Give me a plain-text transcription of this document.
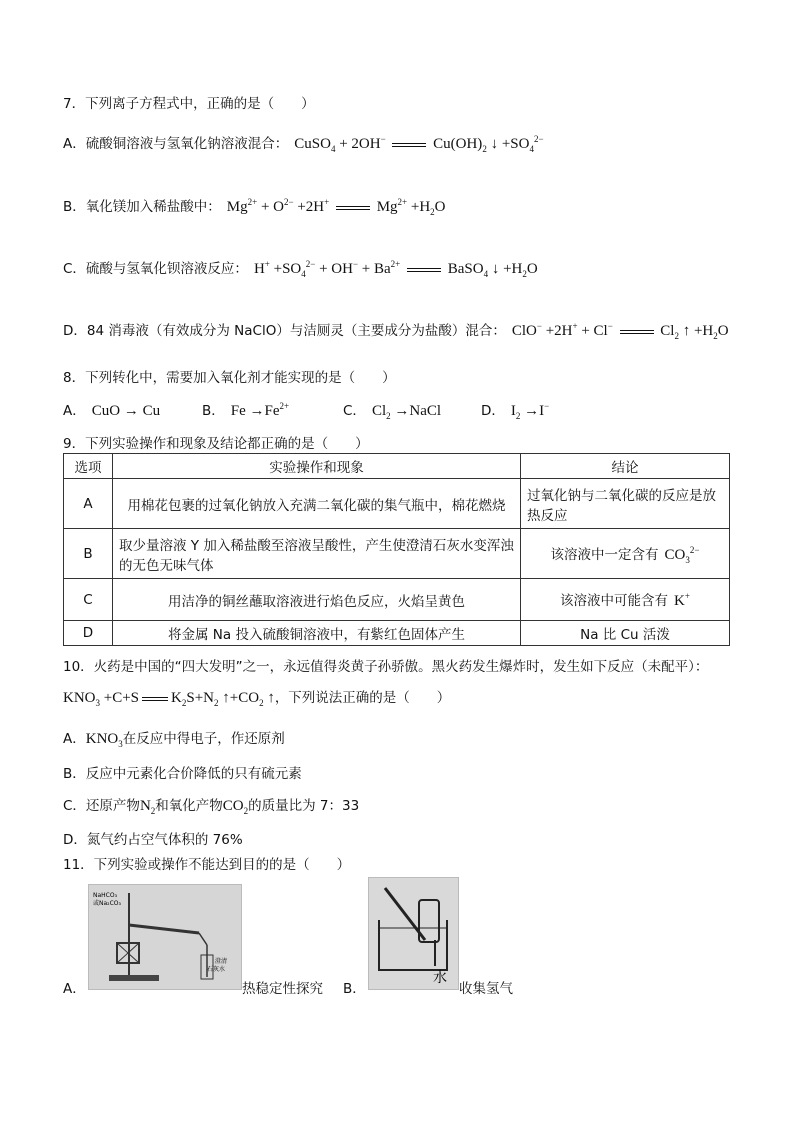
7．下列离子方程式中，正确的是（　　）
A．硫酸铜溶液与氢氧化钠溶液混合： CuSO$_4$ + 2OH−	$Cu(OH)_2$ ↓ $+SO_4^{2-}$
B．氧化镁加入稀盐酸中： $Mg^{2+} + O^{2-} +2H^+$	$Mg^{2+} +H_2O$
C．硫酸与氢氧化钡溶液反应： $H^+ +SO_4^{2-} + OH^- + Ba^{2+}$	BaSO$_4$ ↓ $+H_2O$
D．84 消毒液（有效成分为 NaClO）与洁厕灵（主要成分为盐酸）混合： ClO− +2H+ + Cl−	$Cl_2$ ↑ $+H_2O$
8．下列转化中，需要加入氧化剂才能实现的是（　　）
A． CuO → Cu	B． $Fe \to Fe^{2+}$	C． $Cl_2$ →NaCl	D． $I_2 \to I^-$
9．下列实验操作和现象及结论都正确的是（　　）
选项	实验操作和现象	结论
A	用棉花包裹的过氧化钠放入充满二氧化碳的集气瓶中，棉花燃烧	过氧化钠与二氧化碳的反应是放热反应
B	取少量溶液 Y 加入稀盐酸至溶液呈酸性，产生使澄清石灰水变浑浊的无色无味气体	该溶液中一定含有 $CO_3^{2-}$
C	用洁净的铜丝蘸取溶液进行焰色反应，火焰呈黄色	该溶液中可能含有 K+
D	将金属 Na 投入硫酸铜溶液中，有紫红色固体产生	Na 比 Cu 活泼
10．火药是中国的“四大发明”之一，永远值得炎黄子孙骄傲。黑火药发生爆炸时，发生如下反应（未配平）：
$KNO_3 +C+S$ $K_2S+N_2$ $↑+CO_2$ ↑，下列说法正确的是（　　）
A．$KNO_3$在反应中得电子，作还原剂
B．反应中元素化合价降低的只有硫元素
C．还原产物$N_2$和氧化产物$CO_2$的质量比为 7：33
D．氮气约占空气体积的 76%
11．下列实验或操作不能达到目的的是（　　）
A．
NaHCO₃
或Na₂CO₃
澄清
石灰水
热稳定性探究 B．
水
收集氢气
